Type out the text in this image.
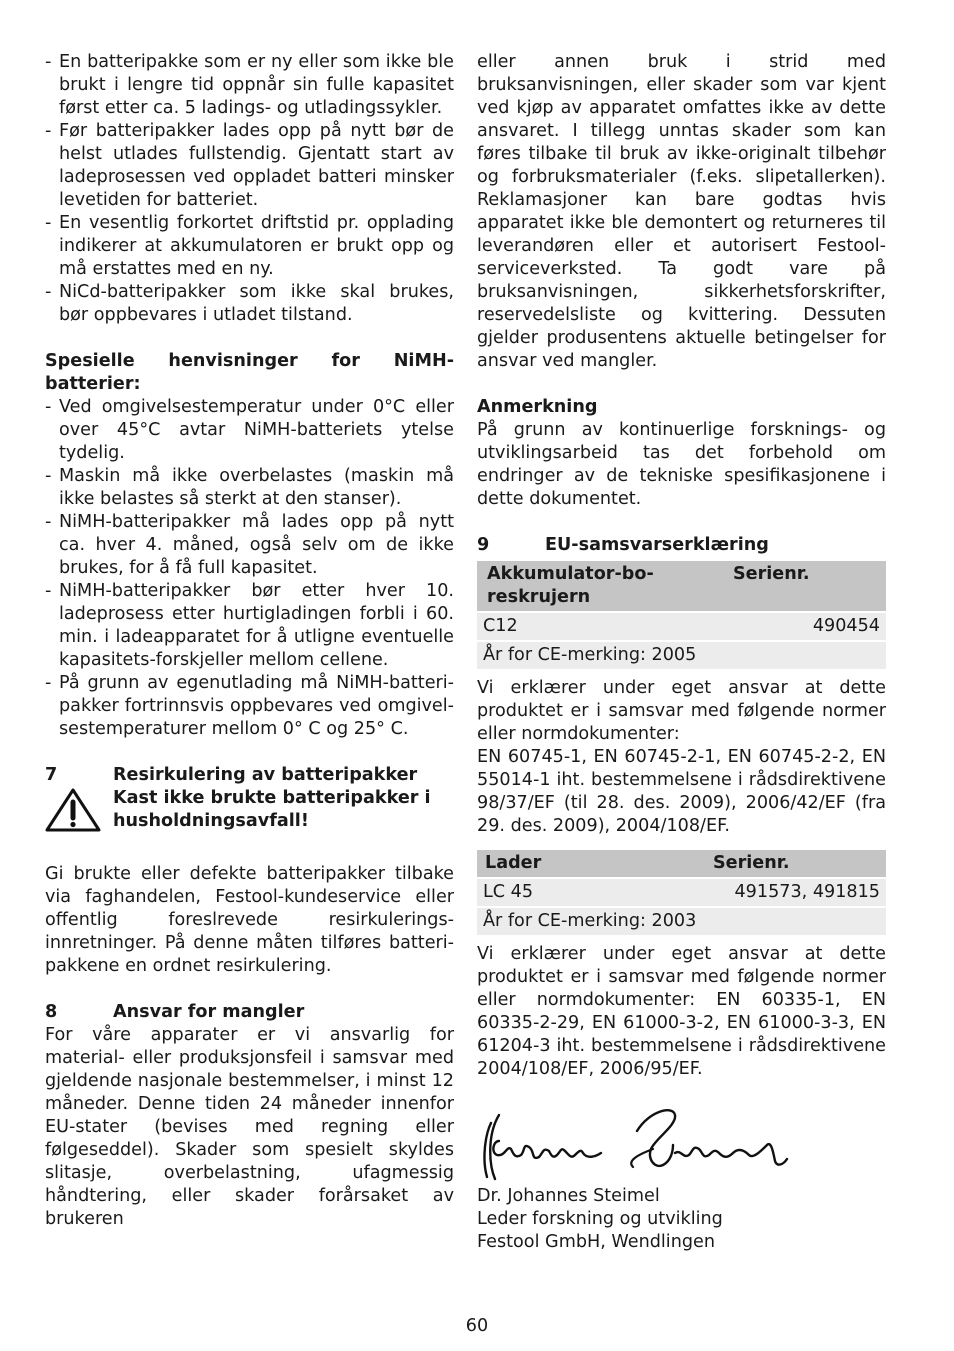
- En batteripakke som er ny eller som ikke ble brukt i lengre tid oppnår sin fulle kapasitet først etter ca. 5 ladings- og utladingssykler.
- Før batteripakker lades opp på nytt bør de helst utlades fullstendig. Gjentatt start av ladeprosessen ved oppladet batteri minsker levetiden for batteriet.
- En vesentlig forkortet driftstid pr. opplading indikerer at akkumulatoren er brukt opp og må erstattes med en ny.
- NiCd-batteripakker som ikke skal brukes, bør oppbevares i utladet tilstand.

Spesielle henvisninger for NiMH-batterier:

- Ved omgivelsestemperatur under 0°C eller over 45°C avtar NiMH-batteriets ytelse tydelig.
- Maskin må ikke overbelastes (maskin må ikke belastes så sterkt at den stanser).
- NiMH-batteripakker må lades opp på nytt ca. hver 4. måned, også selv om de ikke brukes, for å få full kapasitet.
- NiMH-batteripakker bør etter hver 10. ladeprosess etter hurtigladingen forbli i 60. min. i ladeapparatet for å utligne eventuelle kapasitets-forskjeller mellom cellene.
- På grunn av egenutlading må NiMH-batteri-pakker fortrinnsvis oppbevares ved omgivel-sestemperaturer mellom 0° C og 25° C.
7	Resirkulering av batteripakker
Kast ikke brukte batteripakker i husholdningsavfall!

Gi brukte eller defekte batteripakker tilbake via faghandelen, Festool-kundeservice eller offentlig foreslrevede resirkulerings-innretninger. På denne måten tilføres batteri-pakkene en ordnet resirkulering.

8	Ansvar for mangler

For våre apparater er vi ansvarlig for material- eller produksjonsfeil i samsvar med gjeldende nasjonale bestemmelser, i minst 12 måneder. Denne tiden 24 måneder innenfor EU-stater (bevises med regning eller følgeseddel). Skader som spesielt skyldes slitasje, overbelastning, ufagmessig håndtering, eller skader forårsaket av brukeren

eller annen bruk i strid med bruksanvisningen, eller skader som var kjent ved kjøp av apparatet omfattes ikke av dette ansvaret. I tillegg unntas skader som kan føres tilbake til bruk av ikke-originalt tilbehør og forbruksmaterialer (f.eks. slipetallerken). Reklamasjoner kan bare godtas hvis apparatet ikke ble demontert og returneres til leverandøren eller et autorisert Festool-serviceverksted. Ta godt vare på bruksanvisningen, sikkerhetsforskrifter, reservedelsliste og kvittering. Dessuten gjelder produsentens aktuelle betingelser for ansvar ved mangler.

Anmerkning

På grunn av kontinuerlige forsknings- og utviklingsarbeid tas det forbehold om endringer av de tekniske spesifikasjonene i dette dokumentet.

9	EU-samsvarserklæring
Akkumulator-bo-reskrujern	Serienr.
C12	490454
År for CE-merking: 2005	

Vi erklærer under eget ansvar at dette produktet er i samsvar med følgende normer eller normdokumenter:

EN 60745-1, EN 60745-2-1, EN 60745-2-2, EN 55014-1 iht. bestemmelsene i rådsdirektivene 98/37/EF (til 28. des. 2009), 2006/42/EF (fra 29. des. 2009), 2004/108/EF.

Lader	Serienr.
LC 45	491573, 491815
År for CE-merking: 2003	

Vi erklærer under eget ansvar at dette produktet er i samsvar med følgende normer eller normdokumenter: EN 60335-1, EN 60335-2-29, EN 61000-3-2, EN 61000-3-3, EN 61204-3 iht. bestemmelsene i rådsdirektivene 2004/108/EF, 2006/95/EF.

Dr. Johannes Steimel

Leder forskning og utvikling

Festool GmbH, Wendlingen

60
